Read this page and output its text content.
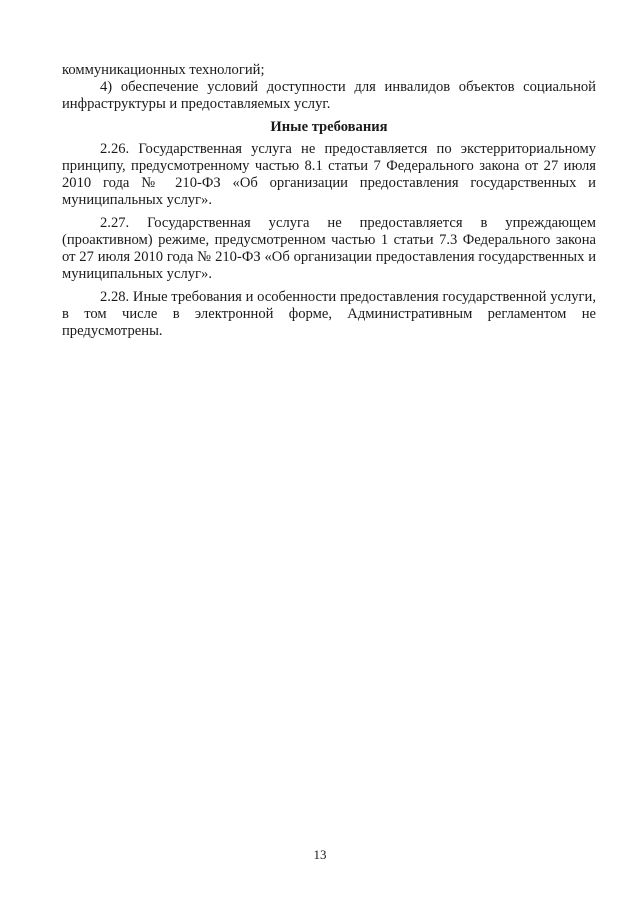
коммуникационных технологий;

4) обеспечение условий доступности для инвалидов объектов социальной инфраструктуры и предоставляемых услуг.

Иные требования

2.26. Государственная услуга не предоставляется по экстерриториальному принципу, предусмотренному частью 8.1 статьи 7 Федерального закона от 27 июля 2010 года № 210-ФЗ «Об организации предоставления государственных и муниципальных услуг».

2.27. Государственная услуга не предоставляется в упреждающем (проактивном) режиме, предусмотренном частью 1 статьи 7.3 Федерального закона от 27 июля 2010 года № 210-ФЗ «Об организации предоставления государственных и муниципальных услуг».

2.28. Иные требования и особенности предоставления государственной услуги, в том числе в электронной форме, Административным регламентом не предусмотрены.

13
